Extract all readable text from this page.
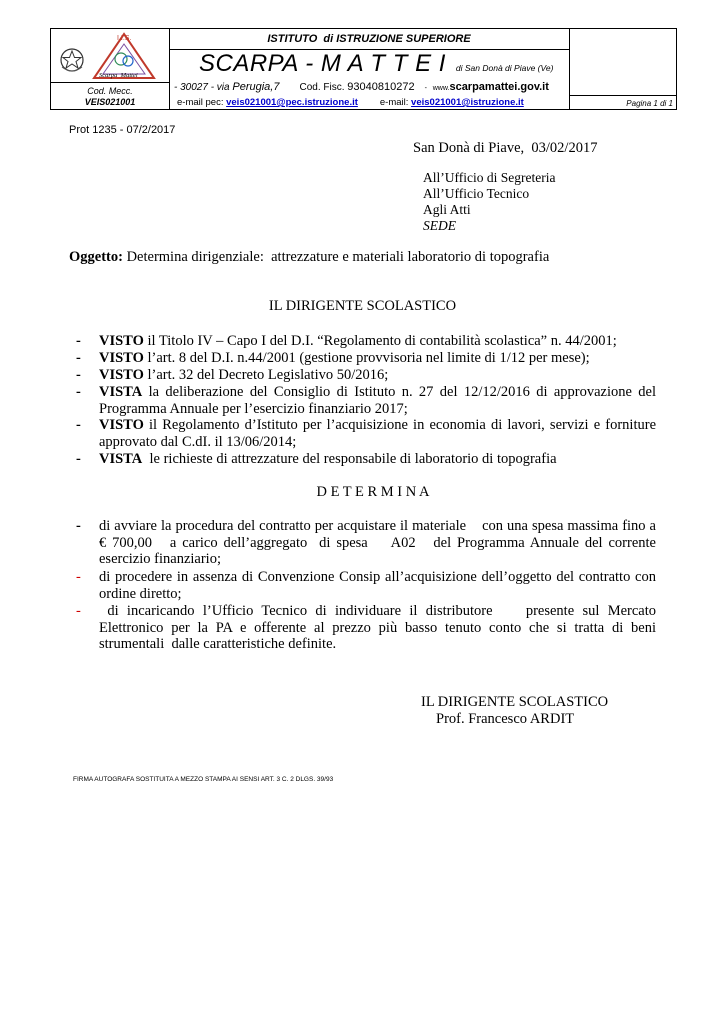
I.I.S.
Scarpa  Mattei
Cod. Mecc.
VEIS021001
ISTITUTO  di ISTRUZIONE SUPERIORE
SCARPA - M A T T E I di San Donà di Piave (Ve)
- 30027 - via Perugia,7 Cod. Fisc. 93040810272 -   www.scarpamattei.gov.it
e-mail pec: veis021001@pec.istruzione.it e-mail: veis021001@istruzione.it	Pagina 1 di 1
Prot 1235 - 07/2/2017
San Donà di Piave,  03/02/2017
All’Ufficio di Segreteria
All’Ufficio Tecnico
Agli Atti
SEDE
Oggetto: Determina dirigenziale:  attrezzature e materiali laboratorio di topografia
IL DIRIGENTE SCOLASTICO
- VISTO il Titolo IV – Capo I del D.I. “Regolamento di contabilità scolastica” n. 44/2001;
- VISTO l’art. 8 del D.I. n.44/2001 (gestione provvisoria nel limite di 1/12 per mese);
- VISTO l’art. 32 del Decreto Legislativo 50/2016;
- VISTA la deliberazione del Consiglio di Istituto n. 27 del 12/12/2016 di approvazione del Programma Annuale per l’esercizio finanziario 2017;
- VISTO il Regolamento d’Istituto per l’acquisizione in economia di lavori, servizi e forniture approvato dal C.dI. il 13/06/2014;
- VISTA  le richieste di attrezzature del responsabile di laboratorio di topografia
D E T E R M I N A
- di avviare la procedura del contratto per acquistare il materiale    con una spesa massima fino a € 700,00   a carico dell’aggregato  di spesa    A02   del Programma Annuale del corrente esercizio finanziario;
- di procedere in assenza di Convenzione Consip all’acquisizione dell’oggetto del contratto con ordine diretto;
- di incaricando l’Ufficio Tecnico di individuare il distributore    presente sul Mercato Elettronico per la PA e offerente al prezzo più basso tenuto conto che si tratta di beni strumentali  dalle caratteristiche definite.
IL DIRIGENTE SCOLASTICO
Prof. Francesco ARDIT
FIRMA AUTOGRAFA SOSTITUITA A MEZZO STAMPA AI SENSI ART. 3 C. 2 DLGS. 39/93
